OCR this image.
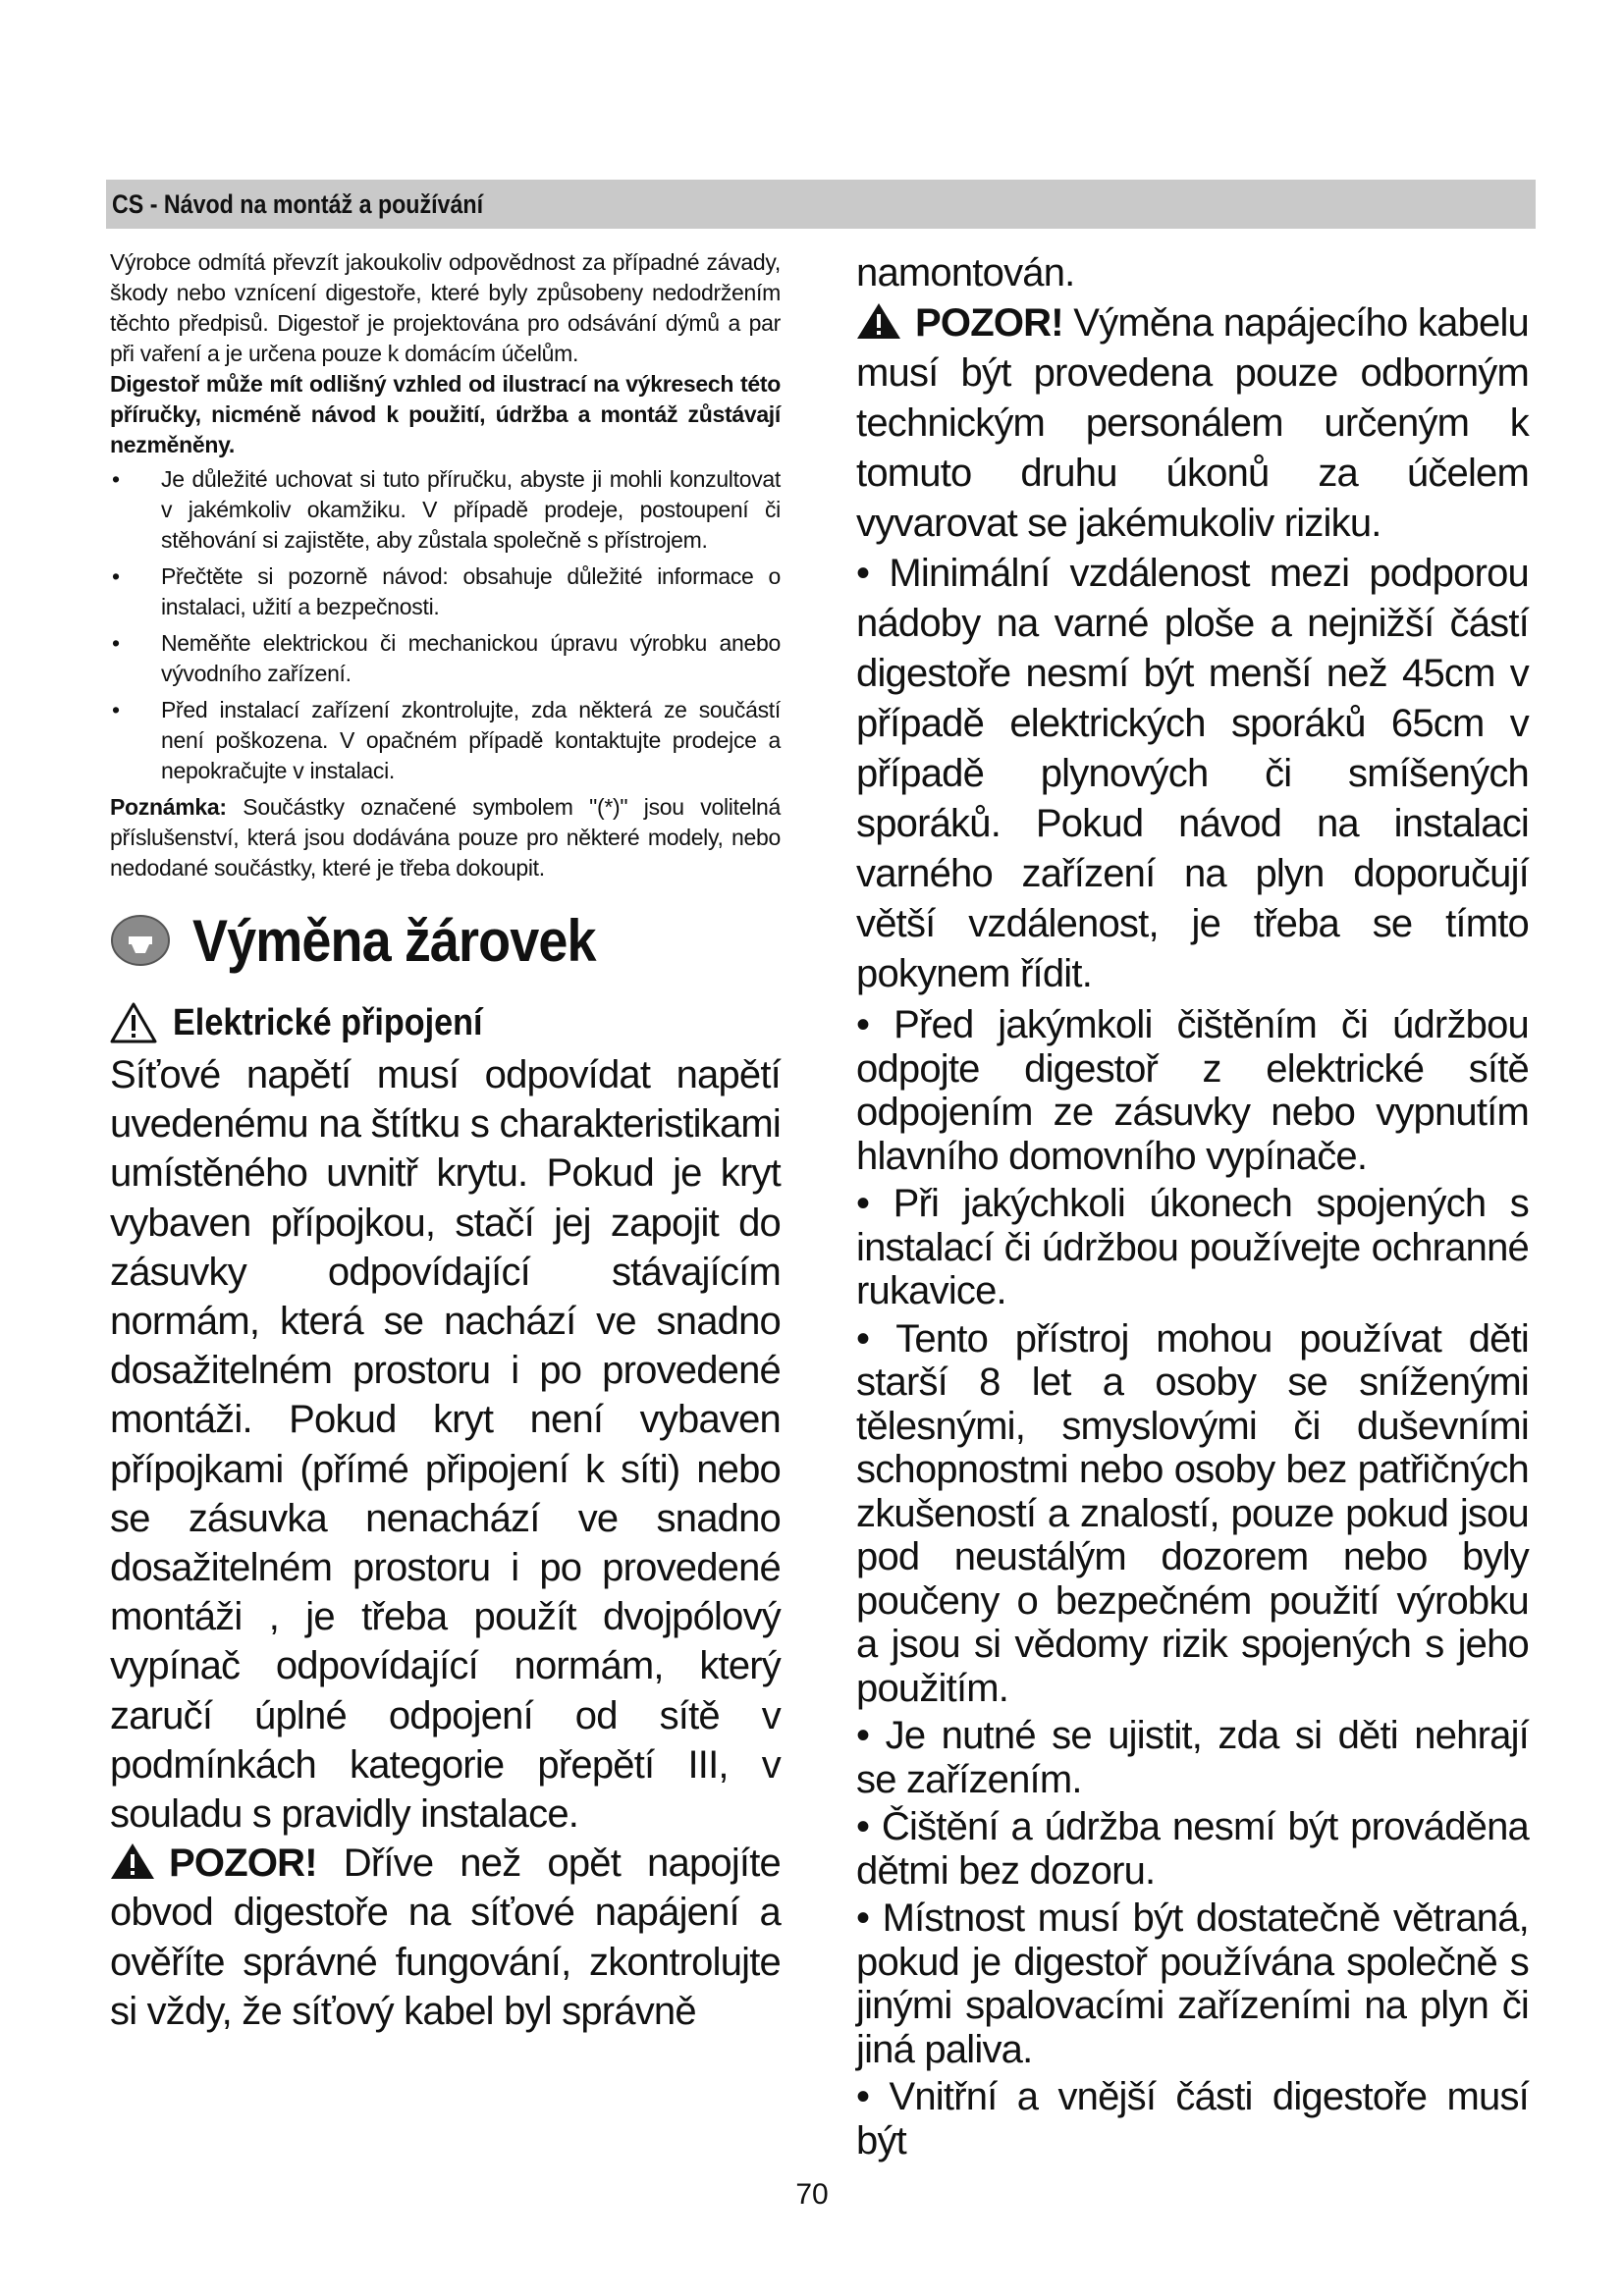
CS - Návod na montáž a používání

Výrobce odmítá převzít jakoukoliv odpovědnost za případné závady, škody nebo vznícení digestoře, které byly způsobeny nedodržením těchto předpisů. Digestoř je projektována pro odsávání dýmů a par při vaření a je určena pouze k domácím účelům.

Digestoř může mít odlišný vzhled od ilustrací na výkresech této příručky, nicméně návod k použití, údržba a montáž zůstávají nezměněny.

• Je důležité uchovat si tuto příručku, abyste ji mohli konzultovat v jakémkoliv okamžiku. V případě prodeje, postoupení či stěhování si zajistěte, aby zůstala společně s přístrojem.
• Přečtěte si pozorně návod: obsahuje důležité informace o instalaci, užití a bezpečnosti.
• Neměňte elektrickou či mechanickou úpravu výrobku anebo vývodního zařízení.
• Před instalací zařízení zkontrolujte, zda některá ze součástí není poškozena. V opačném případě kontaktujte prodejce a nepokračujte v instalaci.

Poznámka: Součástky označené symbolem "(*)" jsou volitelná příslušenství, která jsou dodávána pouze pro některé modely, nebo nedodané součástky, které je třeba dokoupit.

Výměna žárovek
Elektrické připojení

Síťové napětí musí odpovídat napětí uvedenému na štítku s charakteristikami umístěného uvnitř krytu. Pokud je kryt vybaven přípojkou, stačí jej zapojit do zásuvky odpovídající stávajícím normám, která se nachází ve snadno dosažitelném prostoru i po provedené montáži. Pokud kryt není vybaven přípojkami (přímé připojení k síti) nebo se zásuvka nenachází ve snadno dosažitelném prostoru i po provedené montáži , je třeba použít dvojpólový vypínač odpovídající normám, který zaručí úplné odpojení od sítě v podmínkách kategorie přepětí III, v souladu s pravidly instalace.

POZOR! Dříve než opět napojíte obvod digestoře na síťové napájení a ověříte správné fungování, zkontrolujte si vždy, že síťový kabel byl správně

namontován.

POZOR! Výměna napájecího kabelu musí být provedena pouze odborným technickým personálem určeným k tomuto druhu úkonů za účelem vyvarovat se jakémukoliv riziku.

• Minimální vzdálenost mezi podporou nádoby na varné ploše a nejnižší částí digestoře nesmí být menší než 45cm v případě elektrických sporáků 65cm v případě plynových či smíšených sporáků. Pokud návod na instalaci varného zařízení na plyn doporučují větší vzdálenost, je třeba se tímto pokynem řídit.

• Před jakýmkoli čištěním či údržbou odpojte digestoř z elektrické sítě odpojením ze zásuvky nebo vypnutím hlavního domovního vypínače.

• Při jakýchkoli úkonech spojených s instalací či údržbou používejte ochranné rukavice.

• Tento přístroj mohou používat děti starší 8 let a osoby se sníženými tělesnými, smyslovými či duševními schopnostmi nebo osoby bez patřičných zkušeností a znalostí, pouze pokud jsou pod neustálým dozorem nebo byly poučeny o bezpečném použití výrobku a jsou si vědomy rizik spojených s jeho použitím.

• Je nutné se ujistit, zda si děti nehrají se zařízením.

• Čištění a údržba nesmí být prováděna dětmi bez dozoru.

• Místnost musí být dostatečně větraná, pokud je digestoř používána společně s jinými spalovacími zařízeními na plyn či jiná paliva.

• Vnitřní a vnější části digestoře musí být

70
